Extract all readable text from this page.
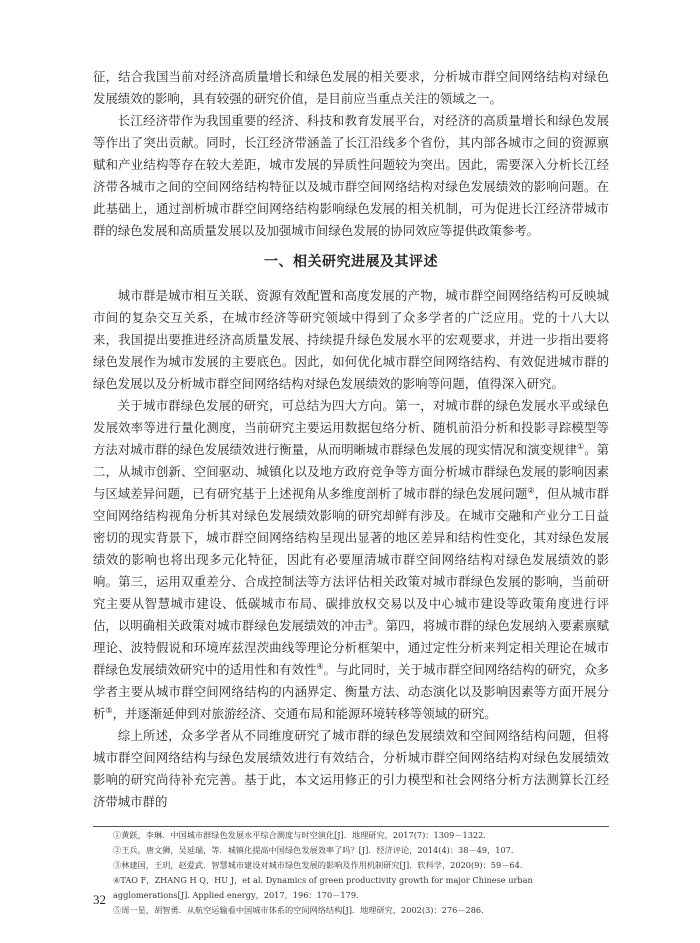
征，结合我国当前对经济高质量增长和绿色发展的相关要求，分析城市群空间网络结构对绿色发展绩效的影响，具有较强的研究价值，是目前应当重点关注的领域之一。

长江经济带作为我国重要的经济、科技和教育发展平台，对经济的高质量增长和绿色发展等作出了突出贡献。同时，长江经济带涵盖了长江沿线多个省份，其内部各城市之间的资源禀赋和产业结构等存在较大差距，城市发展的异质性问题较为突出。因此，需要深入分析长江经济带各城市之间的空间网络结构特征以及城市群空间网络结构对绿色发展绩效的影响问题。在此基础上，通过剖析城市群空间网络结构影响绿色发展的相关机制，可为促进长江经济带城市群的绿色发展和高质量发展以及加强城市间绿色发展的协同效应等提供政策参考。

一、相关研究进展及其评述

城市群是城市相互关联、资源有效配置和高度发展的产物，城市群空间网络结构可反映城市间的复杂交互关系，在城市经济等研究领域中得到了众多学者的广泛应用。党的十八大以来，我国提出要推进经济高质量发展、持续提升绿色发展水平的宏观要求，并进一步指出要将绿色发展作为城市发展的主要底色。因此，如何优化城市群空间网络结构、有效促进城市群的绿色发展以及分析城市群空间网络结构对绿色发展绩效的影响等问题，值得深入研究。

关于城市群绿色发展的研究，可总结为四大方向。第一，对城市群的绿色发展水平或绿色发展效率等进行量化测度，当前研究主要运用数据包络分析、随机前沿分析和投影寻踪模型等方法对城市群的绿色发展绩效进行衡量，从而明晰城市群绿色发展的现实情况和演变规律①。第二，从城市创新、空间驱动、城镇化以及地方政府竞争等方面分析城市群绿色发展的影响因素与区域差异问题，已有研究基于上述视角从多维度剖析了城市群的绿色发展问题②，但从城市群空间网络结构视角分析其对绿色发展绩效影响的研究却鲜有涉及。在城市交融和产业分工日益密切的现实背景下，城市群空间网络结构呈现出显著的地区差异和结构性变化，其对绿色发展绩效的影响也将出现多元化特征，因此有必要厘清城市群空间网络结构对绿色发展绩效的影响。第三，运用双重差分、合成控制法等方法评估相关政策对城市群绿色发展的影响，当前研究主要从智慧城市建设、低碳城市布局、碳排放权交易以及中心城市建设等政策角度进行评估，以明确相关政策对城市群绿色发展绩效的冲击③。第四，将城市群的绿色发展纳入要素禀赋理论、波特假说和环境库兹涅茨曲线等理论分析框架中，通过定性分析来判定相关理论在城市群绿色发展绩效研究中的适用性和有效性④。与此同时，关于城市群空间网络结构的研究，众多学者主要从城市群空间网络结构的内涵界定、衡量方法、动态演化以及影响因素等方面开展分析⑤，并逐渐延伸到对旅游经济、交通布局和能源环境转移等领域的研究。

综上所述，众多学者从不同维度研究了城市群的绿色发展绩效和空间网络结构问题，但将城市群空间网络结构与绿色发展绩效进行有效结合，分析城市群空间网络结构对绿色发展绩效影响的研究尚待补充完善。基于此，本文运用修正的引力模型和社会网络分析方法测算长江经济带城市群的

①黄跃，李琳．中国城市群绿色发展水平综合测度与时空演化[J]．地理研究，2017(7)：1309－1322.
②王兵，唐文狮，吴延瑞，等．城镇化提高中国绿色发展效率了吗？[J]．经济评论，2014(4)：38－49，107.
③林建国，王玥，赵爱武．智慧城市建设对城市绿色发展的影响及作用机制研究[J]．软科学，2020(9)：59－64.
④TAO F，ZHANG H Q，HU J，et al. Dynamics of green productivity growth for major Chinese urban agglomerations[J]. Applied energy，2017，196：170－179.
⑤周一星，胡智勇．从航空运输看中国城市体系的空间网络结构[J]．地理研究，2002(3)：276－286.
32
